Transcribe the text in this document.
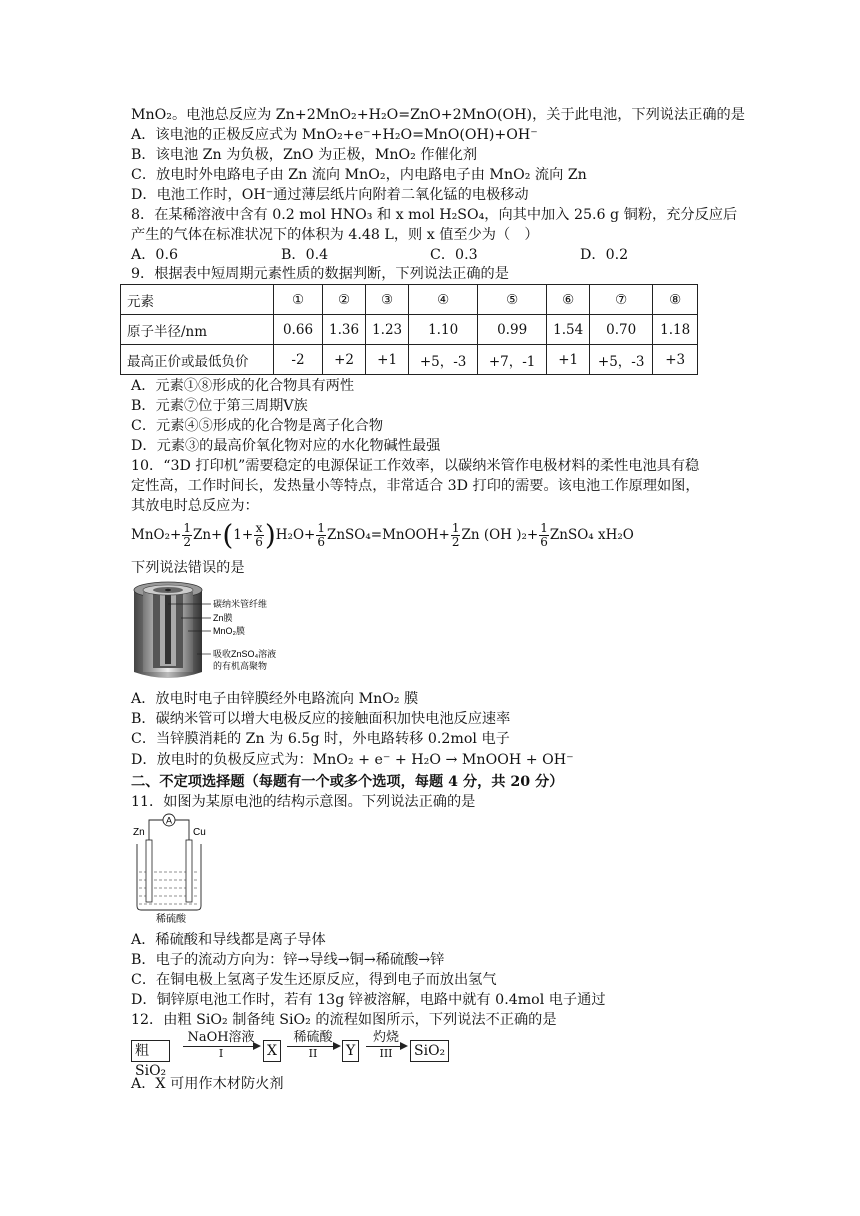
MnO₂。电池总反应为 Zn+2MnO₂+H₂O=ZnO+2MnO(OH)，关于此电池，下列说法正确的是
A．该电池的正极反应式为 MnO₂+e⁻+H₂O=MnO(OH)+OH⁻
B．该电池 Zn 为负极，ZnO 为正极，MnO₂ 作催化剂
C．放电时外电路电子由 Zn 流向 MnO₂，内电路电子由 MnO₂ 流向 Zn
D．电池工作时，OH⁻通过薄层纸片向附着二氧化锰的电极移动
8．在某稀溶液中含有 0.2 mol HNO₃ 和 x mol H₂SO₄，向其中加入 25.6 g 铜粉，充分反应后
产生的气体在标准状况下的体积为 4.48 L，则 x 值至少为（　）
A．0.6	B．0.4	C．0.3	D．0.2
9．根据表中短周期元素性质的数据判断，下列说法正确的是
元素	①	②	③	④	⑤	⑥	⑦	⑧
原子半径/nm	0.66	1.36	1.23	1.10	0.99	1.54	0.70	1.18
最高正价或最低负价	-2	+2	+1	+5，-3	+7，-1	+1	+5，-3	+3
A．元素①⑧形成的化合物具有两性
B．元素⑦位于第三周期Ⅴ族
C．元素④⑤形成的化合物是离子化合物
D．元素③的最高价氧化物对应的水化物碱性最强
10．“3D 打印机”需要稳定的电源保证工作效率，以碳纳米管作电极材料的柔性电池具有稳
定性高，工作时间长，发热量小等特点，非常适合 3D 打印的需要。该电池工作原理如图，
其放电时总反应为：
$MnO_2+ \frac{1}{2} Zn+(1+ \frac{x}{6} )H_2O+ \frac{1}{6}$ ZnSO₄=MnOOH+ $\frac{1}{2}$ Zn (OH )$_2+ \frac{1}{6}$ ZnSO₄ xH₂O
下列说法错误的是
碳纳米管纤维
Zn膜
MnO₂膜
吸收ZnSO₄溶液
的有机高聚物
A．放电时电子由锌膜经外电路流向 MnO₂ 膜
B．碳纳米管可以增大电极反应的接触面积加快电池反应速率
C．当锌膜消耗的 Zn 为 6.5g 时，外电路转移 0.2mol 电子
D．放电时的负极反应式为：MnO₂ + e⁻ + H₂O → MnOOH + OH⁻
二、不定项选择题（每题有一个或多个选项，每题 4 分，共 20 分）
11．如图为某原电池的结构示意图。下列说法正确的是
A
Zn	Cu
稀硫酸
A．稀硫酸和导线都是离子导体
B．电子的流动方向为：锌→导线→铜→稀硫酸→锌
C．在铜电极上氢离子发生还原反应，得到电子而放出氢气
D．铜锌原电池工作时，若有 13g 锌被溶解，电路中就有 0.4mol 电子通过
12．由粗 SiO₂ 制备纯 SiO₂ 的流程如图所示，下列说法不正确的是
粗SiO₂
NaOH溶液
I	X
稀硫酸
II	Y
灼烧
III	SiO₂
A．X 可用作木材防火剂
